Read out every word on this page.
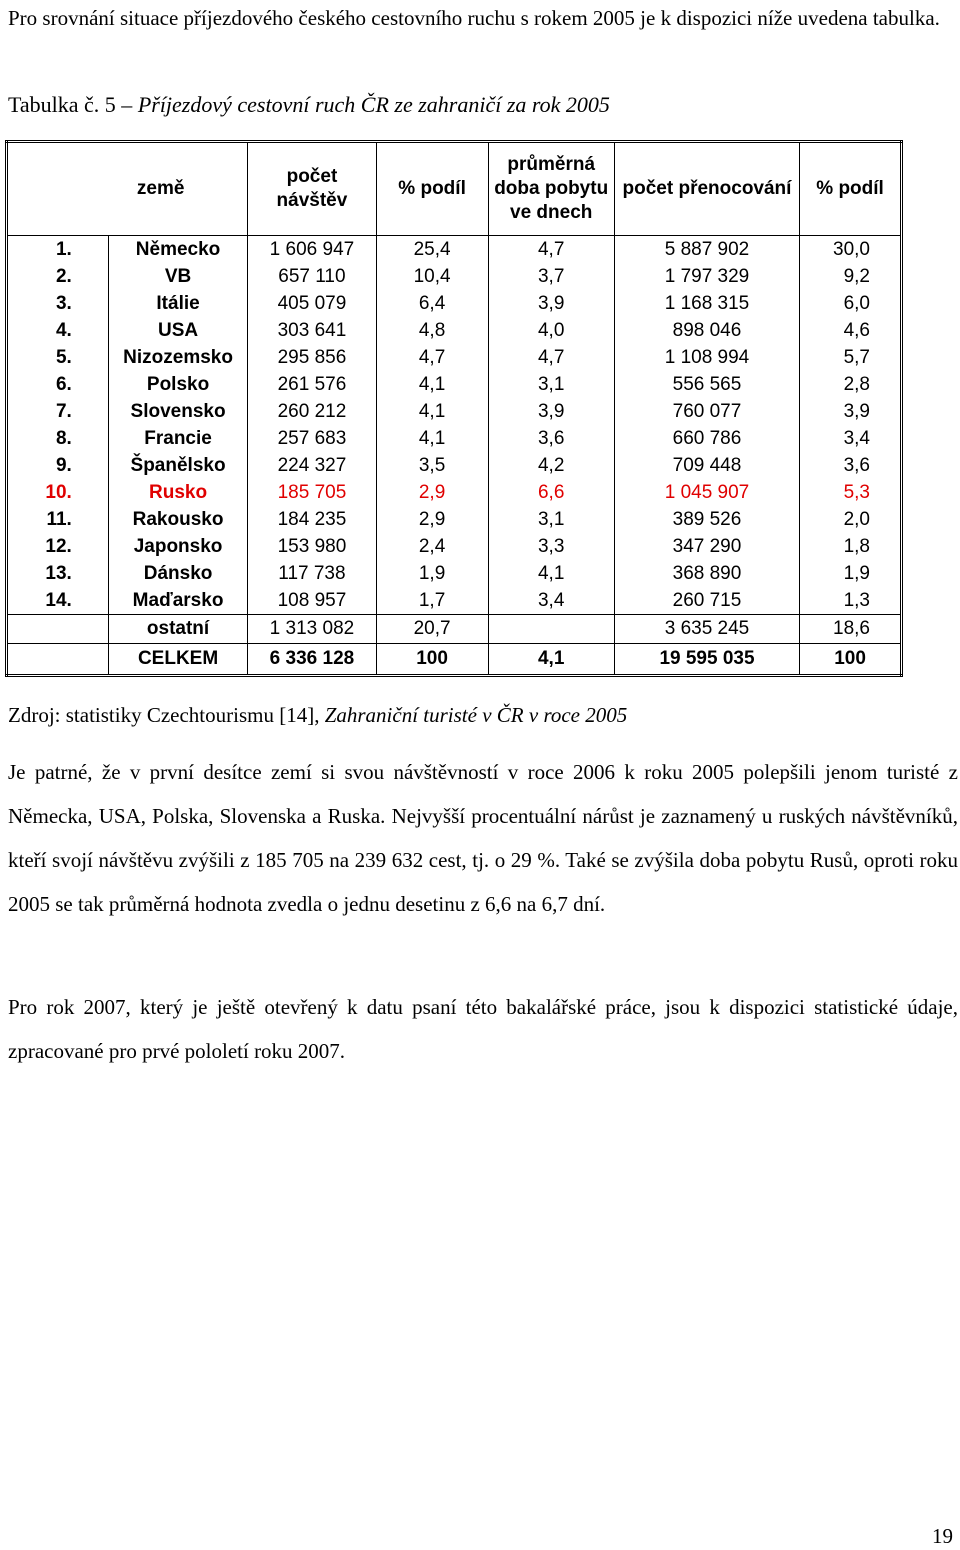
Pro srovnání situace příjezdového českého cestovního ruchu s rokem 2005 je k dispozici níže uvedena tabulka.
Tabulka č. 5 – Příjezdový cestovní ruch ČR ze zahraničí za rok 2005
země		počet návštěv	% podíl	průměrná doba pobytu ve dnech	počet přenocování	% podíl
1.	Německo	1 606 947	25,4	4,7	5 887 902	30,0
2.	VB	657 110	10,4	3,7	1 797 329	9,2
3.	Itálie	405 079	6,4	3,9	1 168 315	6,0
4.	USA	303 641	4,8	4,0	898 046	4,6
5.	Nizozemsko	295 856	4,7	4,7	1 108 994	5,7
6.	Polsko	261 576	4,1	3,1	556 565	2,8
7.	Slovensko	260 212	4,1	3,9	760 077	3,9
8.	Francie	257 683	4,1	3,6	660 786	3,4
9.	Španělsko	224 327	3,5	4,2	709 448	3,6
10.	Rusko	185 705	2,9	6,6	1 045 907	5,3
11.	Rakousko	184 235	2,9	3,1	389 526	2,0
12.	Japonsko	153 980	2,4	3,3	347 290	1,8
13.	Dánsko	117 738	1,9	4,1	368 890	1,9
14.	Maďarsko	108 957	1,7	3,4	260 715	1,3
	ostatní	1 313 082	20,7		3 635 245	18,6
	CELKEM	6 336 128	100	4,1	19 595 035	100
Zdroj: statistiky Czechtourismu [14], Zahraniční turisté v ČR v roce 2005
Je patrné, že v první desítce zemí si svou návštěvností v roce 2006 k roku 2005 polepšili jenom turisté z Německa, USA, Polska, Slovenska a Ruska. Nejvyšší procentuální nárůst je zaznamený u ruských návštěvníků, kteří svojí návštěvu zvýšili z 185 705 na 239 632 cest, tj. o 29 %. Také se zvýšila doba pobytu Rusů, oproti roku 2005 se tak průměrná hodnota zvedla o jednu desetinu z 6,6 na 6,7 dní.
Pro rok 2007, který je ještě otevřený k datu psaní této bakalářské práce, jsou k dispozici statistické údaje, zpracované pro prvé pololetí roku 2007.
19
